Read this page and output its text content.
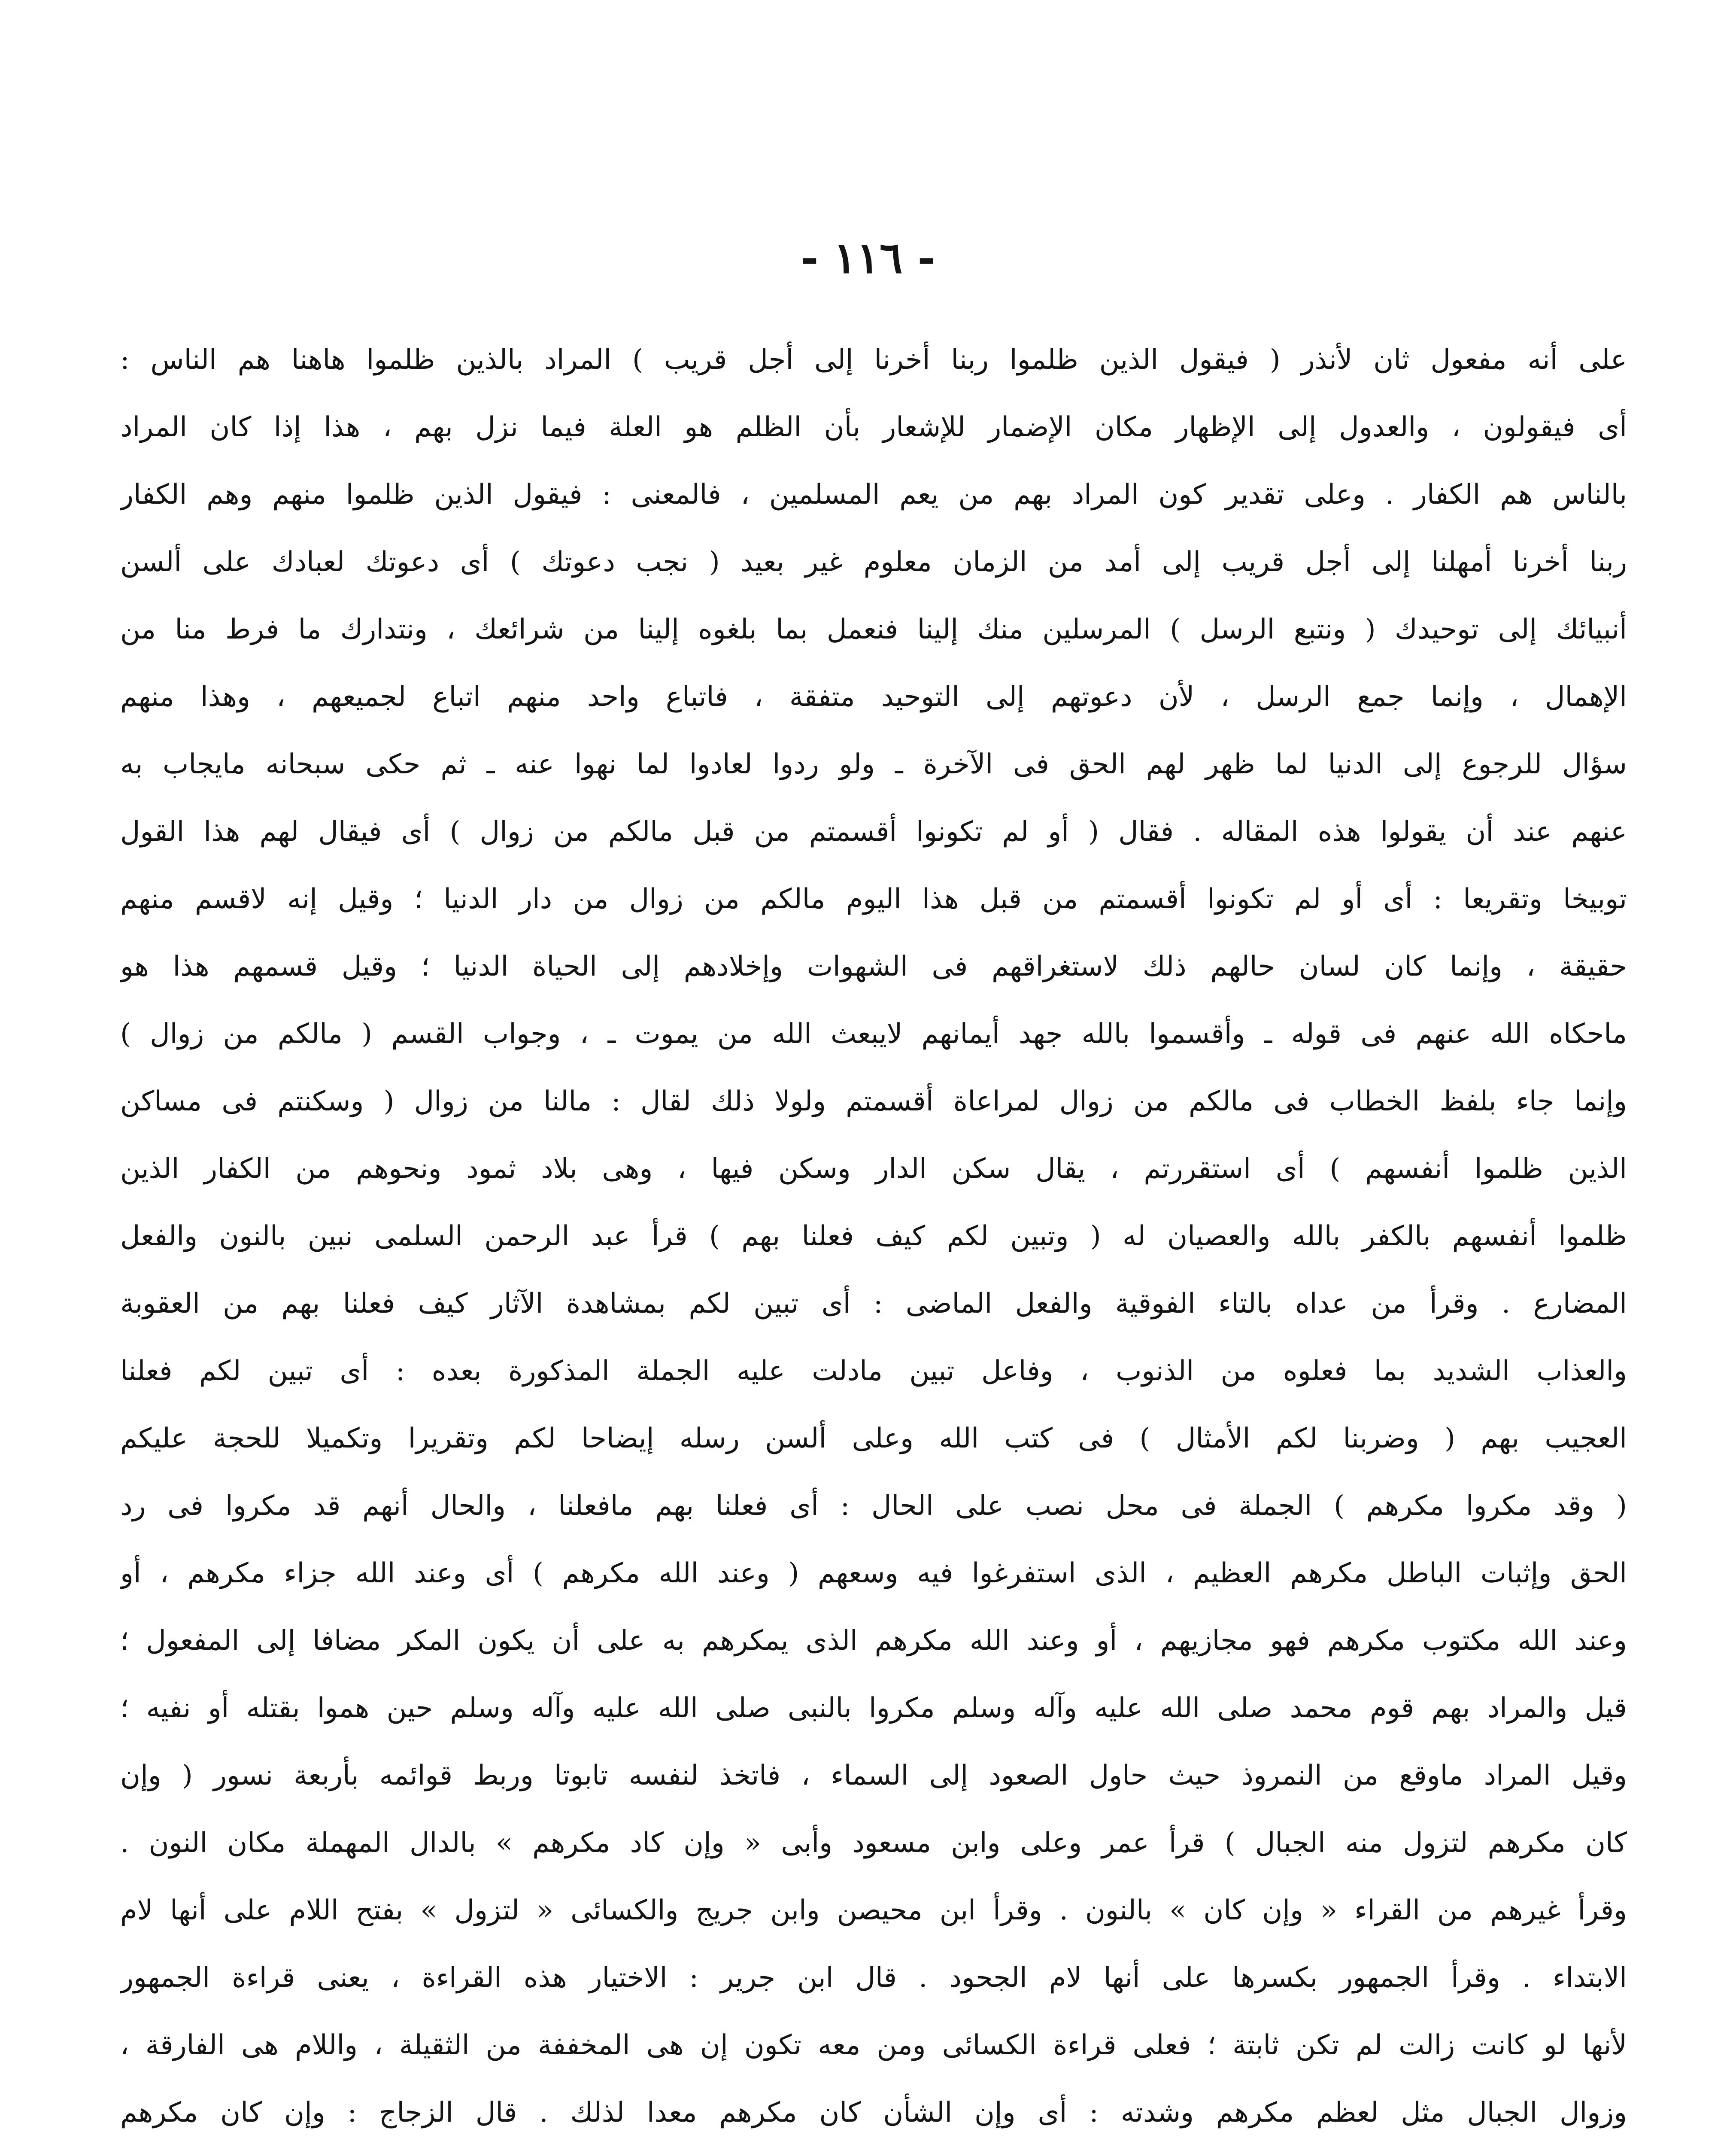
- ١١٦ -
على أنه مفعول ثان لأنذر ( فيقول الذين ظلموا ربنا أخرنا إلى أجل قريب ) المراد بالذين ظلموا هاهنا هم الناس :
أى فيقولون ، والعدول إلى الإظهار مكان الإضمار للإشعار بأن الظلم هو العلة فيما نزل بهم ، هذا إذا كان المراد
بالناس هم الكفار . وعلى تقدير كون المراد بهم من يعم المسلمين ، فالمعنى : فيقول الذين ظلموا منهم وهم الكفار
ربنا أخرنا أمهلنا إلى أجل قريب إلى أمد من الزمان معلوم غير بعيد ( نجب دعوتك ) أى دعوتك لعبادك على ألسن
أنبيائك إلى توحيدك ( ونتبع الرسل ) المرسلين منك إلينا فنعمل بما بلغوه إلينا من شرائعك ، ونتدارك ما فرط منا من
الإهمال ، وإنما جمع الرسل ، لأن دعوتهم إلى التوحيد متفقة ، فاتباع واحد منهم اتباع لجميعهم ، وهذا منهم
سؤال للرجوع إلى الدنيا لما ظهر لهم الحق فى الآخرة ـ ولو ردوا لعادوا لما نهوا عنه ـ ثم حكى سبحانه مايجاب به
عنهم عند أن يقولوا هذه المقاله . فقال ( أو لم تكونوا أقسمتم من قبل مالكم من زوال ) أى فيقال لهم هذا القول
توبيخا وتقريعا : أى أو لم تكونوا أقسمتم من قبل هذا اليوم مالكم من زوال من دار الدنيا ؛ وقيل إنه لاقسم منهم
حقيقة ، وإنما كان لسان حالهم ذلك لاستغراقهم فى الشهوات وإخلادهم إلى الحياة الدنيا ؛ وقيل قسمهم هذا هو
ماحكاه الله عنهم فى قوله ـ وأقسموا بالله جهد أيمانهم لايبعث الله من يموت ـ ، وجواب القسم ( مالكم من زوال )
وإنما جاء بلفظ الخطاب فى مالكم من زوال لمراعاة أقسمتم ولولا ذلك لقال : مالنا من زوال ( وسكنتم فى مساكن
الذين ظلموا أنفسهم ) أى استقررتم ، يقال سكن الدار وسكن فيها ، وهى بلاد ثمود ونحوهم من الكفار الذين
ظلموا أنفسهم بالكفر بالله والعصيان له ( وتبين لكم كيف فعلنا بهم ) قرأ عبد الرحمن السلمى نبين بالنون والفعل
المضارع . وقرأ من عداه بالتاء الفوقية والفعل الماضى : أى تبين لكم بمشاهدة الآثار كيف فعلنا بهم من العقوبة
والعذاب الشديد بما فعلوه من الذنوب ، وفاعل تبين مادلت عليه الجملة المذكورة بعده : أى تبين لكم فعلنا
العجيب بهم ( وضربنا لكم الأمثال ) فى كتب الله وعلى ألسن رسله إيضاحا لكم وتقريرا وتكميلا للحجة عليكم
( وقد مكروا مكرهم ) الجملة فى محل نصب على الحال : أى فعلنا بهم مافعلنا ، والحال أنهم قد مكروا فى رد
الحق وإثبات الباطل مكرهم العظيم ، الذى استفرغوا فيه وسعهم ( وعند الله مكرهم ) أى وعند الله جزاء مكرهم ، أو
وعند الله مكتوب مكرهم فهو مجازيهم ، أو وعند الله مكرهم الذى يمكرهم به على أن يكون المكر مضافا إلى المفعول ؛
قيل والمراد بهم قوم محمد صلى الله عليه وآله وسلم مكروا بالنبى صلى الله عليه وآله وسلم حين هموا بقتله أو نفيه ؛
وقيل المراد ماوقع من النمروذ حيث حاول الصعود إلى السماء ، فاتخذ لنفسه تابوتا وربط قوائمه بأربعة نسور ( وإن
كان مكرهم لتزول منه الجبال ) قرأ عمر وعلى وابن مسعود وأبى « وإن كاد مكرهم » بالدال المهملة مكان النون .
وقرأ غيرهم من القراء « وإن كان » بالنون . وقرأ ابن محيصن وابن جريج والكسائى « لتزول » بفتح اللام على أنها لام
الابتداء . وقرأ الجمهور بكسرها على أنها لام الجحود . قال ابن جرير : الاختيار هذه القراءة ، يعنى قراءة الجمهور
لأنها لو كانت زالت لم تكن ثابتة ؛ فعلى قراءة الكسائى ومن معه تكون إن هى المخففة من الثقيلة ، واللام هى الفارقة ،
وزوال الجبال مثل لعظم مكرهم وشدته : أى وإن الشأن كان مكرهم معدا لذلك . قال الزجاج : وإن كان مكرهم
